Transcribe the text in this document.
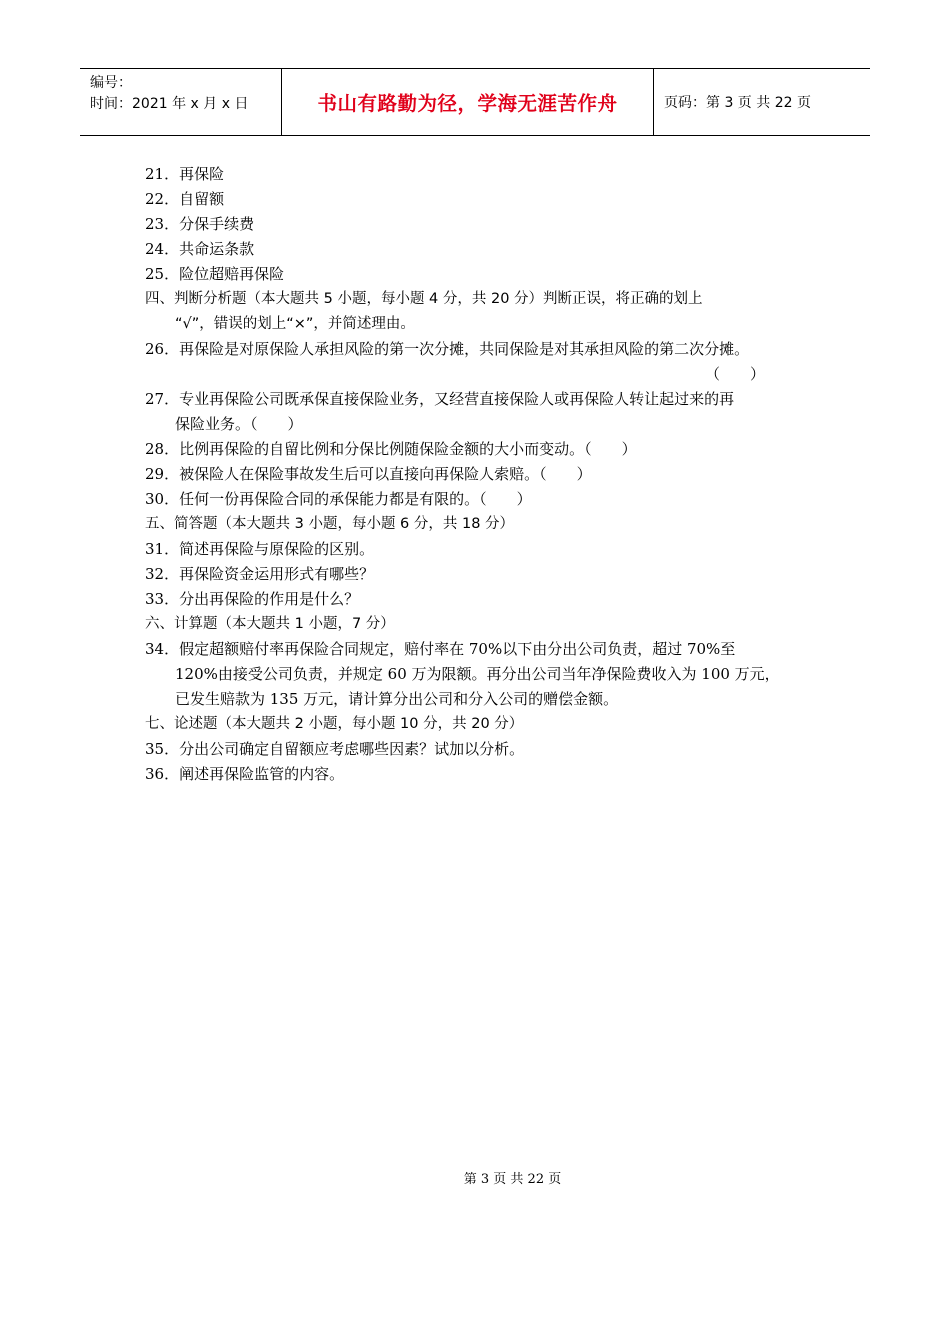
编号：
时间：2021 年 x 月 x 日	书山有路勤为径，学海无涯苦作舟	页码：第 3 页 共 22 页
21．再保险
22．自留额
23．分保手续费
24．共命运条款
25．险位超赔再保险
四、判断分析题（本大题共 5 小题，每小题 4 分，共 20 分）判断正误，将正确的划上
“√”，错误的划上“×”，并简述理由。
26．再保险是对原保险人承担风险的第一次分摊，共同保险是对其承担风险的第二次分摊。
（　　）
27．专业再保险公司既承保直接保险业务，又经营直接保险人或再保险人转让起过来的再
保险业务。（　　）
28．比例再保险的自留比例和分保比例随保险金额的大小而变动。（　　）
29．被保险人在保险事故发生后可以直接向再保险人索赔。（　　）
30．任何一份再保险合同的承保能力都是有限的。（　　）
五、简答题（本大题共 3 小题，每小题 6 分，共 18 分）
31．简述再保险与原保险的区别。
32．再保险资金运用形式有哪些？
33．分出再保险的作用是什么？
六、计算题（本大题共 1 小题，7 分）
34．假定超额赔付率再保险合同规定，赔付率在 70%以下由分出公司负责，超过 70%至
120%由接受公司负责，并规定 60 万为限额。再分出公司当年净保险费收入为 100 万元，
已发生赔款为 135 万元，请计算分出公司和分入公司的赠偿金额。
七、论述题（本大题共 2 小题，每小题 10 分，共 20 分）
35．分出公司确定自留额应考虑哪些因素？试加以分析。
36．阐述再保险监管的内容。
第 3 页 共 22 页
